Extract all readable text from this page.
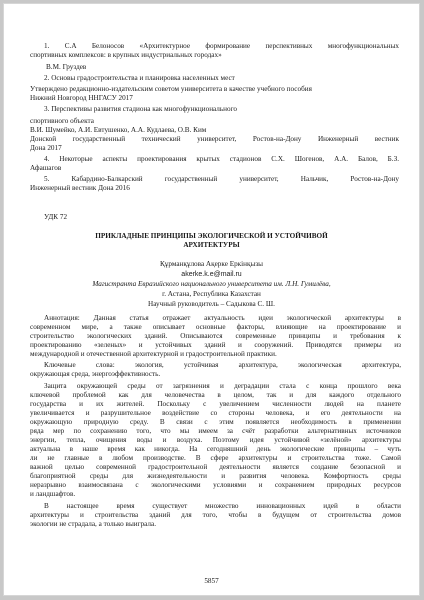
1. С.А Белоносов «Архитектурное формирование перспективных многофункциональных
спортивных комплексов: в крупных индустриальных городах»
В.М. Груздев
2. Основы градостроительства и планировка населенных мест
Утверждено редакционно-издательским советом университета в качестве учебного пособия
Нижний Новгород ННГАСУ 2017
3. Перспективы развития стадиона как многофункционального
спортивного объекта
В.И. Шумейко, А.И. Евтушенко, А.А. Кудлаева, О.В. Ким
Донской государственный технический университет, Ростов-на-Дону Инженерный вестник
Дона 2017
4. Некоторые аспекты проектирования крытых стадионов С.Х. Шогенов, А.А. Балов, Б.З.
Афашагов
5. Кабардино-Балкарский государственный университет, Нальчик, Ростов-на-Дону
Инженерный вестник Дона 2016
УДК 72
ПРИКЛАДНЫЕ ПРИНЦИПЫ ЭКОЛОГИЧЕСКОЙ И УСТОЙЧИВОЙ
АРХИТЕКТУРЫ
Құрманқұлова Ақерке Еркінқызы
akerke.k.e@mail.ru
Магистранта Евразийского национального университета им. Л.Н. Гумилёва,
г. Астана, Республика Казахстан
Научный руководитель – Садыкова С. Ш.
Аннотация: Данная статья отражает актуальность идеи экологической архитектуры в
современном мире, а также описывает основные факторы, влияющие на проектирование и
строительство экологических зданий. Описываются современные принципы и требования к
проектированию «зеленых» и устойчивых зданий и сооружений. Приводятся примеры из
международной и отечественной архитектурной и градостроительной практики.
Ключевые слова: экология, устойчивая архитектура, экологическая архитектура,
окружающая среда, энергоэффективность.
Защита окружающей среды от загрязнения и деградации стала с конца прошлого века
ключевой проблемой как для человечества в целом, так и для каждого отдельного
государства и их жителей. Поскольку с увеличением численности людей на планете
увеличивается и разрушительное воздействие со стороны человека, и его деятельности на
окружающую природную среду. В связи с этим появляется необходимость в применении
ряда мер по сохранению того, что мы имеем за счёт разработки альтернативных источников
энергии, тепла, очищения воды и воздуха. Поэтому идея устойчивой «зелёной» архитектуры
актуальна в наше время как никогда. На сегодняшний день экологические принципы – чуть
ли не главные в любом производстве. В сфере архитектуры и строительства тоже. Самой
важной целью современной градостроительной деятельности является создание безопасной и
благоприятной среды для жизнедеятельности и развития человека. Комфортность среды
неразрывно взаимосвязана с экологическими условиями и сохранением природных ресурсов
и ландшафтов.
В настоящее время существует множество инновационных идей в области
архитектуры и строительства зданий для того, чтобы в будущем от строительства домов
экологии не страдала, а только выиграла.
5857
